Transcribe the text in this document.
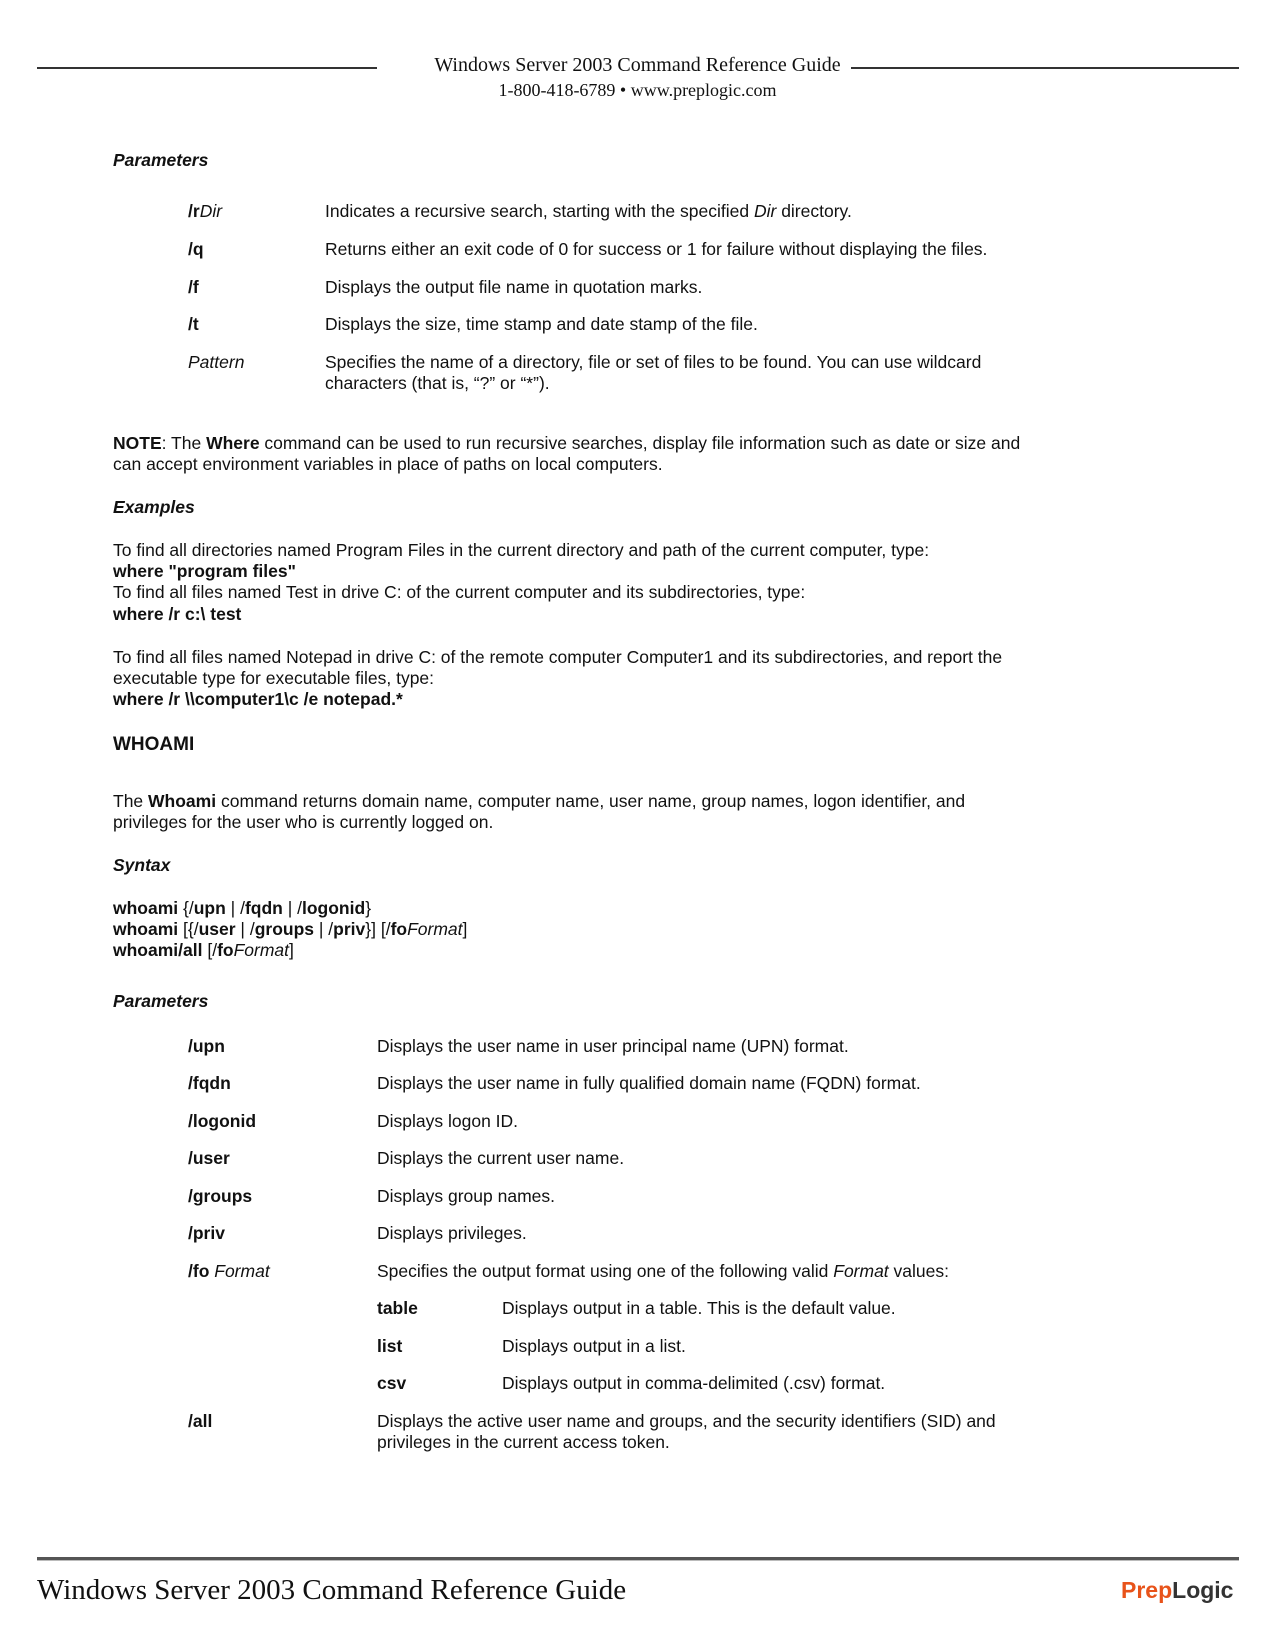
Windows Server 2003 Command Reference Guide
1-800-418-6789 • www.preplogic.com
Parameters
/rDir	Indicates a recursive search, starting with the specified Dir directory.
/q	Returns either an exit code of 0 for success or 1 for failure without displaying the files.
/f	Displays the output file name in quotation marks.
/t	Displays the size, time stamp and date stamp of the file.
Pattern	Specifies the name of a directory, file or set of files to be found. You can use wildcard
characters (that is, “?” or “*”).
NOTE: The Where command can be used to run recursive searches, display file information such as date or size and
can accept environment variables in place of paths on local computers.
Examples
To find all directories named Program Files in the current directory and path of the current computer, type:
where "program files"
To find all files named Test in drive C: of the current computer and its subdirectories, type:
where /r c:\ test
To find all files named Notepad in drive C: of the remote computer Computer1 and its subdirectories, and report the
executable type for executable files, type:
where /r \\computer1\c /e notepad.*
WHOAMI
The Whoami command returns domain name, computer name, user name, group names, logon identifier, and
privileges for the user who is currently logged on.
Syntax
whoami {/upn | /fqdn | /logonid}
whoami [{/user | /groups | /priv}] [/foFormat]
whoami/all [/foFormat]
Parameters
/upn	Displays the user name in user principal name (UPN) format.
/fqdn	Displays the user name in fully qualified domain name (FQDN) format.
/logonid	Displays logon ID.
/user	Displays the current user name.
/groups	Displays group names.
/priv	Displays privileges.
/fo Format	Specifies the output format using one of the following valid Format values:
table	Displays output in a table. This is the default value.
list	Displays output in a list.
csv	Displays output in comma-delimited (.csv) format.
/all	Displays the active user name and groups, and the security identifiers (SID) and
privileges in the current access token.
Windows Server 2003 Command Reference Guide	PrepLogic
